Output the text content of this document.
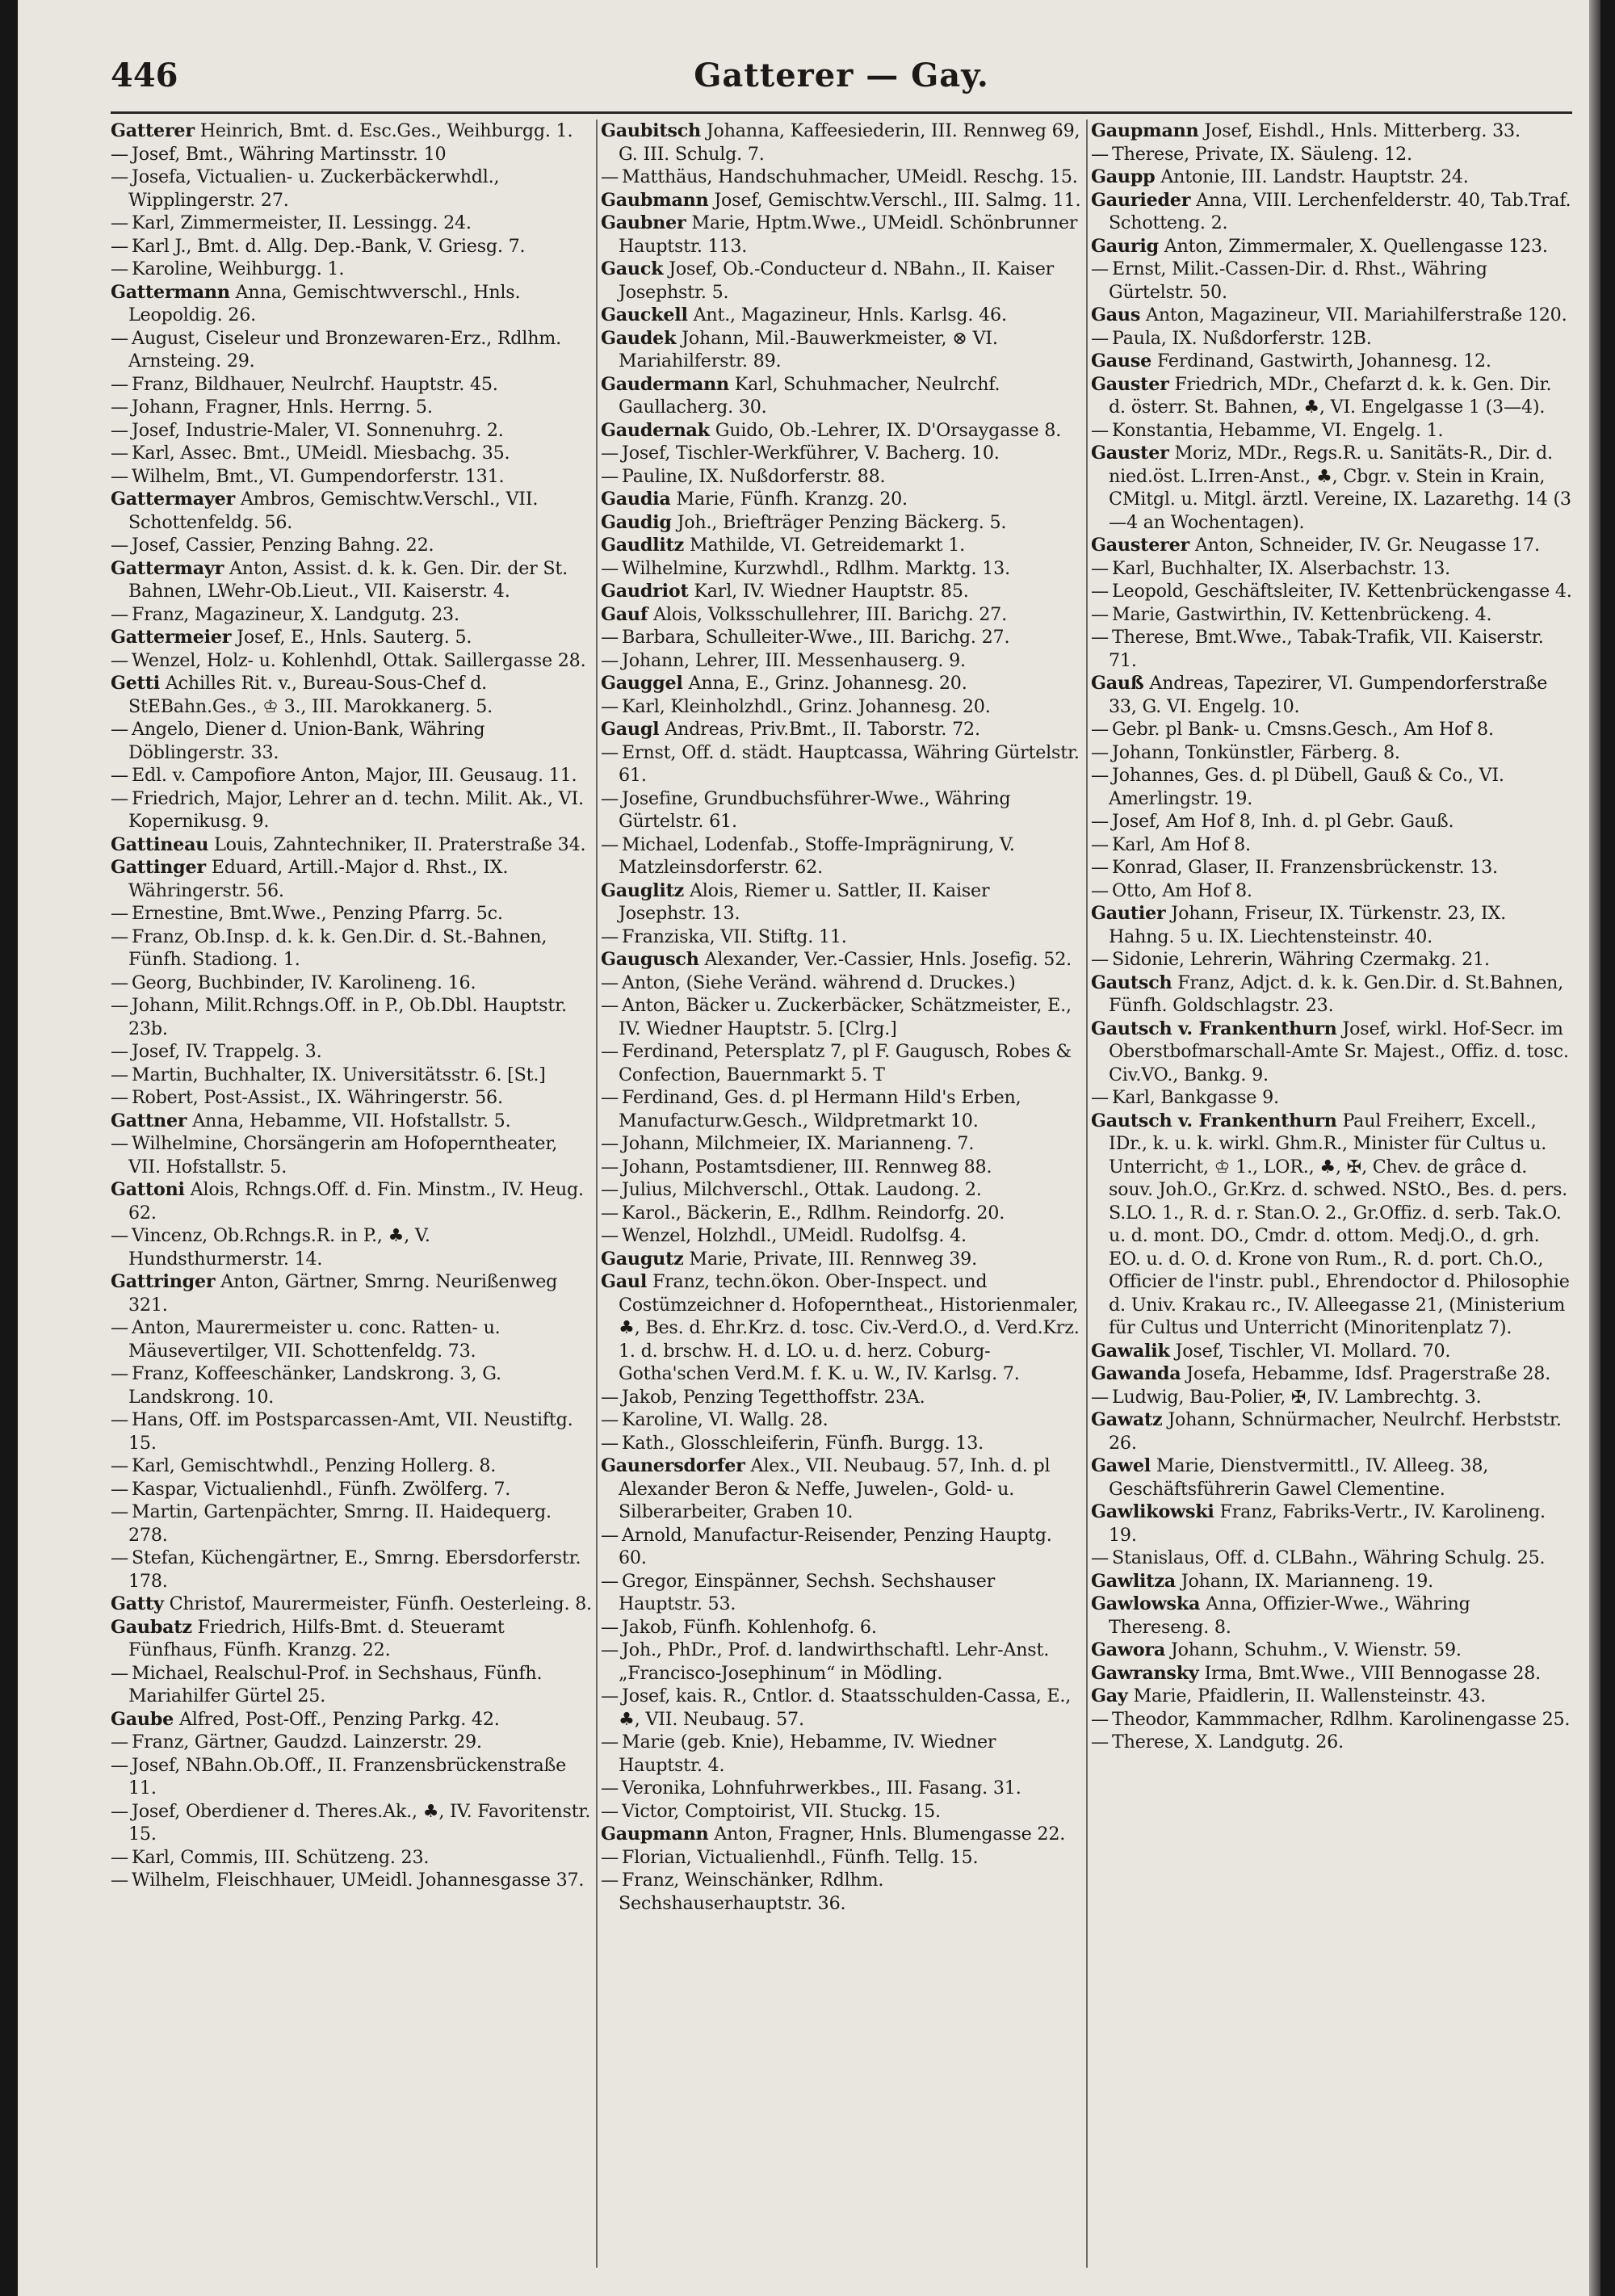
446	Gatterer — Gay.

Gatterer Heinrich, Bmt. d. Esc.Ges., Weihburgg. 1.

— Josef, Bmt., Währing Martinsstr. 10

— Josefa, Victualien- u. Zuckerbäckerwhdl., Wipplingerstr. 27.

— Karl, Zimmermeister, II. Lessingg. 24.

— Karl J., Bmt. d. Allg. Dep.-Bank, V. Griesg. 7.

— Karoline, Weihburgg. 1.

Gattermann Anna, Gemischtwverschl., Hnls. Leopoldig. 26.

— August, Ciseleur und Bronzewaren-Erz., Rdlhm. Arnsteing. 29.

— Franz, Bildhauer, Neulrchf. Hauptstr. 45.

— Johann, Fragner, Hnls. Herrng. 5.

— Josef, Industrie-Maler, VI. Sonnenuhrg. 2.

— Karl, Assec. Bmt., UMeidl. Miesbachg. 35.

— Wilhelm, Bmt., VI. Gumpendorferstr. 131.

Gattermayer Ambros, Gemischtw.Verschl., VII. Schottenfeldg. 56.

— Josef, Cassier, Penzing Bahng. 22.

Gattermayr Anton, Assist. d. k. k. Gen. Dir. der St. Bahnen, LWehr-Ob.Lieut., VII. Kaiserstr. 4.

— Franz, Magazineur, X. Landgutg. 23.

Gattermeier Josef, E., Hnls. Sauterg. 5.

— Wenzel, Holz- u. Kohlenhdl, Ottak. Saillergasse 28.

Getti Achilles Rit. v., Bureau-Sous-Chef d. StEBahn.Ges., ♔ 3., III. Marokkanerg. 5.

— Angelo, Diener d. Union-Bank, Währing Döblingerstr. 33.

— Edl. v. Campofiore Anton, Major, III. Geusaug. 11.

— Friedrich, Major, Lehrer an d. techn. Milit. Ak., VI. Kopernikusg. 9.

Gattineau Louis, Zahntechniker, II. Praterstraße 34.

Gattinger Eduard, Artill.-Major d. Rhst., IX. Währingerstr. 56.

— Ernestine, Bmt.Wwe., Penzing Pfarrg. 5c.

— Franz, Ob.Insp. d. k. k. Gen.Dir. d. St.-Bahnen, Fünfh. Stadiong. 1.

— Georg, Buchbinder, IV. Karolineng. 16.

— Johann, Milit.Rchngs.Off. in P., Ob.Dbl. Hauptstr. 23b.

— Josef, IV. Trappelg. 3.

— Martin, Buchhalter, IX. Universitätsstr. 6. [St.]

— Robert, Post-Assist., IX. Währingerstr. 56.

Gattner Anna, Hebamme, VII. Hofstallstr. 5.

— Wilhelmine, Chorsängerin am Hofoperntheater, VII. Hofstallstr. 5.

Gattoni Alois, Rchngs.Off. d. Fin. Minstm., IV. Heug. 62.

— Vincenz, Ob.Rchngs.R. in P., ♣, V. Hundsthurmerstr. 14.

Gattringer Anton, Gärtner, Smrng. Neurißenweg 321.

— Anton, Maurermeister u. conc. Ratten- u. Mäusevertilger, VII. Schottenfeldg. 73.

— Franz, Koffeeschänker, Landskrong. 3, G. Landskrong. 10.

— Hans, Off. im Postsparcassen-Amt, VII. Neustiftg. 15.

— Karl, Gemischtwhdl., Penzing Hollerg. 8.

— Kaspar, Victualienhdl., Fünfh. Zwölferg. 7.

— Martin, Gartenpächter, Smrng. II. Haidequerg. 278.

— Stefan, Küchengärtner, E., Smrng. Ebersdorferstr. 178.

Gatty Christof, Maurermeister, Fünfh. Oesterleing. 8.

Gaubatz Friedrich, Hilfs-Bmt. d. Steueramt Fünfhaus, Fünfh. Kranzg. 22.

— Michael, Realschul-Prof. in Sechshaus, Fünfh. Mariahilfer Gürtel 25.

Gaube Alfred, Post-Off., Penzing Parkg. 42.

— Franz, Gärtner, Gaudzd. Lainzerstr. 29.

— Josef, NBahn.Ob.Off., II. Franzensbrückenstraße 11.

— Josef, Oberdiener d. Theres.Ak., ♣, IV. Favoritenstr. 15.

— Karl, Commis, III. Schützeng. 23.

— Wilhelm, Fleischhauer, UMeidl. Johannesgasse 37.

Gaubitsch Johanna, Kaffeesiederin, III. Rennweg 69, G. III. Schulg. 7.

— Matthäus, Handschuhmacher, UMeidl. Reschg. 15.

Gaubmann Josef, Gemischtw.Verschl., III. Salmg. 11.

Gaubner Marie, Hptm.Wwe., UMeidl. Schönbrunner Hauptstr. 113.

Gauck Josef, Ob.-Conducteur d. NBahn., II. Kaiser Josephstr. 5.

Gauckell Ant., Magazineur, Hnls. Karlsg. 46.

Gaudek Johann, Mil.-Bauwerkmeister, ⊗ VI. Mariahilferstr. 89.

Gaudermann Karl, Schuhmacher, Neulrchf. Gaullacherg. 30.

Gaudernak Guido, Ob.-Lehrer, IX. D'Orsaygasse 8.

— Josef, Tischler-Werkführer, V. Bacherg. 10.

— Pauline, IX. Nußdorferstr. 88.

Gaudia Marie, Fünfh. Kranzg. 20.

Gaudig Joh., Briefträger Penzing Bäckerg. 5.

Gaudlitz Mathilde, VI. Getreidemarkt 1.

— Wilhelmine, Kurzwhdl., Rdlhm. Marktg. 13.

Gaudriot Karl, IV. Wiedner Hauptstr. 85.

Gauf Alois, Volksschullehrer, III. Barichg. 27.

— Barbara, Schulleiter-Wwe., III. Barichg. 27.

— Johann, Lehrer, III. Messenhauserg. 9.

Gauggel Anna, E., Grinz. Johannesg. 20.

— Karl, Kleinholzhdl., Grinz. Johannesg. 20.

Gaugl Andreas, Priv.Bmt., II. Taborstr. 72.

— Ernst, Off. d. städt. Hauptcassa, Währing Gürtelstr. 61.

— Josefine, Grundbuchsführer-Wwe., Währing Gürtelstr. 61.

— Michael, Lodenfab., Stoffe-Imprägnirung, V. Matzleinsdorferstr. 62.

Gauglitz Alois, Riemer u. Sattler, II. Kaiser Josephstr. 13.

— Franziska, VII. Stiftg. 11.

Gaugusch Alexander, Ver.-Cassier, Hnls. Josefig. 52.

— Anton, (Siehe Veränd. während d. Druckes.)

— Anton, Bäcker u. Zuckerbäcker, Schätzmeister, E., IV. Wiedner Hauptstr. 5. [Clrg.]

— Ferdinand, Petersplatz 7, pl F. Gaugusch, Robes & Confection, Bauernmarkt 5. T

— Ferdinand, Ges. d. pl Hermann Hild's Erben, Manufacturw.Gesch., Wildpretmarkt 10.

— Johann, Milchmeier, IX. Marianneng. 7.

— Johann, Postamtsdiener, III. Rennweg 88.

— Julius, Milchverschl., Ottak. Laudong. 2.

— Karol., Bäckerin, E., Rdlhm. Reindorfg. 20.

— Wenzel, Holzhdl., UMeidl. Rudolfsg. 4.

Gaugutz Marie, Private, III. Rennweg 39.

Gaul Franz, techn.ökon. Ober-Inspect. und Costümzeichner d. Hofoperntheat., Historienmaler, ♣, Bes. d. Ehr.Krz. d. tosc. Civ.-Verd.O., d. Verd.Krz. 1. d. brschw. H. d. LO. u. d. herz. Coburg-Gotha'schen Verd.M. f. K. u. W., IV. Karlsg. 7.

— Jakob, Penzing Tegetthoffstr. 23A.

— Karoline, VI. Wallg. 28.

— Kath., Glosschleiferin, Fünfh. Burgg. 13.

Gaunersdorfer Alex., VII. Neubaug. 57, Inh. d. pl Alexander Beron & Neffe, Juwelen-, Gold- u. Silberarbeiter, Graben 10.

— Arnold, Manufactur-Reisender, Penzing Hauptg. 60.

— Gregor, Einspänner, Sechsh. Sechshauser Hauptstr. 53.

— Jakob, Fünfh. Kohlenhofg. 6.

— Joh., PhDr., Prof. d. landwirthschaftl. Lehr-Anst. „Francisco-Josephinum“ in Mödling.

— Josef, kais. R., Cntlor. d. Staatsschulden-Cassa, E., ♣, VII. Neubaug. 57.

— Marie (geb. Knie), Hebamme, IV. Wiedner Hauptstr. 4.

— Veronika, Lohnfuhrwerkbes., III. Fasang. 31.

— Victor, Comptoirist, VII. Stuckg. 15.

Gaupmann Anton, Fragner, Hnls. Blumengasse 22.

— Florian, Victualienhdl., Fünfh. Tellg. 15.

— Franz, Weinschänker, Rdlhm. Sechshauserhauptstr. 36.

Gaupmann Josef, Eishdl., Hnls. Mitterberg. 33.

— Therese, Private, IX. Säuleng. 12.

Gaupp Antonie, III. Landstr. Hauptstr. 24.

Gaurieder Anna, VIII. Lerchenfelderstr. 40, Tab.Traf. Schotteng. 2.

Gaurig Anton, Zimmermaler, X. Quellengasse 123.

— Ernst, Milit.-Cassen-Dir. d. Rhst., Währing Gürtelstr. 50.

Gaus Anton, Magazineur, VII. Mariahilferstraße 120.

— Paula, IX. Nußdorferstr. 12B.

Gause Ferdinand, Gastwirth, Johannesg. 12.

Gauster Friedrich, MDr., Chefarzt d. k. k. Gen. Dir. d. österr. St. Bahnen, ♣, VI. Engelgasse 1 (3—4).

— Konstantia, Hebamme, VI. Engelg. 1.

Gauster Moriz, MDr., Regs.R. u. Sanitäts-R., Dir. d. nied.öst. L.Irren-Anst., ♣, Cbgr. v. Stein in Krain, CMitgl. u. Mitgl. ärztl. Vereine, IX. Lazarethg. 14 (3—4 an Wochentagen).

Gausterer Anton, Schneider, IV. Gr. Neugasse 17.

— Karl, Buchhalter, IX. Alserbachstr. 13.

— Leopold, Geschäftsleiter, IV. Kettenbrückengasse 4.

— Marie, Gastwirthin, IV. Kettenbrückeng. 4.

— Therese, Bmt.Wwe., Tabak-Trafik, VII. Kaiserstr. 71.

Gauß Andreas, Tapezirer, VI. Gumpendorferstraße 33, G. VI. Engelg. 10.

— Gebr. pl Bank- u. Cmsns.Gesch., Am Hof 8.

— Johann, Tonkünstler, Färberg. 8.

— Johannes, Ges. d. pl Dübell, Gauß & Co., VI. Amerlingstr. 19.

— Josef, Am Hof 8, Inh. d. pl Gebr. Gauß.

— Karl, Am Hof 8.

— Konrad, Glaser, II. Franzensbrückenstr. 13.

— Otto, Am Hof 8.

Gautier Johann, Friseur, IX. Türkenstr. 23, IX. Hahng. 5 u. IX. Liechtensteinstr. 40.

— Sidonie, Lehrerin, Währing Czermakg. 21.

Gautsch Franz, Adjct. d. k. k. Gen.Dir. d. St.Bahnen, Fünfh. Goldschlagstr. 23.

Gautsch v. Frankenthurn Josef, wirkl. Hof-Secr. im Oberstbofmarschall-Amte Sr. Majest., Offiz. d. tosc. Civ.VO., Bankg. 9.

— Karl, Bankgasse 9.

Gautsch v. Frankenthurn Paul Freiherr, Excell., IDr., k. u. k. wirkl. Ghm.R., Minister für Cultus u. Unterricht, ♔ 1., LOR., ♣, ✠, Chev. de grâce d. souv. Joh.O., Gr.Krz. d. schwed. NStO., Bes. d. pers. S.LO. 1., R. d. r. Stan.O. 2., Gr.Offiz. d. serb. Tak.O. u. d. mont. DO., Cmdr. d. ottom. Medj.O., d. grh. EO. u. d. O. d. Krone von Rum., R. d. port. Ch.O., Officier de l'instr. publ., Ehrendoctor d. Philosophie d. Univ. Krakau rc., IV. Alleegasse 21, (Ministerium für Cultus und Unterricht (Minoritenplatz 7).

Gawalik Josef, Tischler, VI. Mollard. 70.

Gawanda Josefa, Hebamme, Idsf. Pragerstraße 28.

— Ludwig, Bau-Polier, ✠, IV. Lambrechtg. 3.

Gawatz Johann, Schnürmacher, Neulrchf. Herbststr. 26.

Gawel Marie, Dienstvermittl., IV. Alleeg. 38, Geschäftsführerin Gawel Clementine.

Gawlikowski Franz, Fabriks-Vertr., IV. Karolineng. 19.

— Stanislaus, Off. d. CLBahn., Währing Schulg. 25.

Gawlitza Johann, IX. Marianneng. 19.

Gawlowska Anna, Offizier-Wwe., Währing Thereseng. 8.

Gawora Johann, Schuhm., V. Wienstr. 59.

Gawransky Irma, Bmt.Wwe., VIII Bennogasse 28.

Gay Marie, Pfaidlerin, II. Wallensteinstr. 43.

— Theodor, Kammmacher, Rdlhm. Karolinengasse 25.

— Therese, X. Landgutg. 26.
